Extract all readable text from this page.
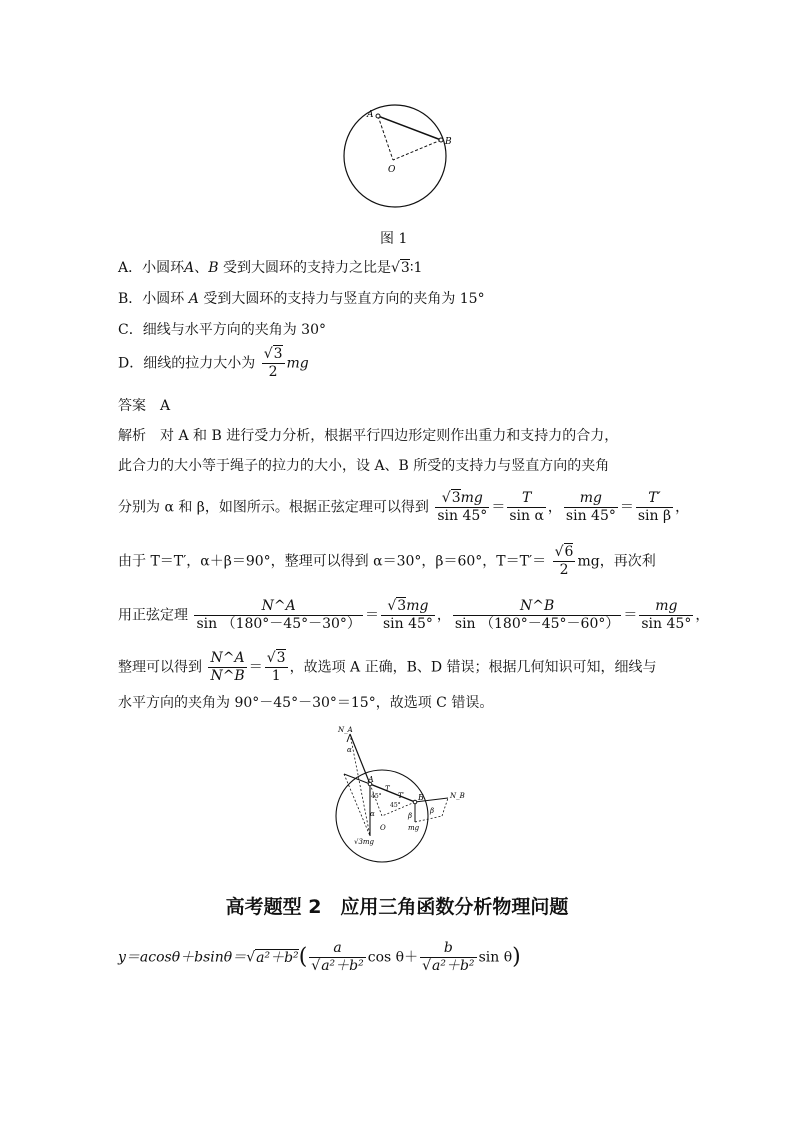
A
B
O
图 1
A．小圆环A、B 受到大圆环的支持力之比是√3∶1
B．小圆环 A 受到大圆环的支持力与竖直方向的夹角为 15°
C．细线与水平方向的夹角为 30°
D．细线的拉力大小为 $\frac{√3}{2}$ mg
答案　 A
解析　 对 A 和 B 进行受力分析，根据平行四边形定则作出重力和支持力的合力，
此合力的大小等于绳子的拉力的大小，设 A、B 所受的支持力与竖直方向的夹角
分别为 α 和 β，如图所示。根据正弦定理可以得到 $\frac{√3mg}{\sin 45^\circ} = \frac{T}{\text{sin α}}$ ， $\frac{mg}{\sin 45^\circ} = \frac{T'}{\text{sin β}}$ ，
由于 T＝T′，α＋β＝90°，整理可以得到 α＝30°，β＝60°，$T=T'= \frac{√6}{2}$ mg，再次利
用正弦定理 $\frac{N\^{}A}{\sin (180^\circ-45^\circ-30^\circ)} = \frac{√3mg}{\sin 45^\circ}$ ， $\frac{N\^{}B}{\sin (180^\circ-45^\circ-60^\circ)} = \frac{mg}{\sin 45^\circ}$ ，
整理可以得到 $\frac{N\^{}A}{N\^{}B} = \frac{√3}{1}$ ，故选项 A 正确，B、D 错误；根据几何知识可知，细线与
水平方向的夹角为 90°－45°－30°＝15°，故选项 C 错误。
N_A
A
T
T′ B	N_B
45°
45°
α
α	β
β
O	mg
√3mg
高考题型 2　应用三角函数分析物理问题
$y=acos\theta+bsin\theta=√a^2+b^2( \frac{a}{\text{√a²＋b²}}$ $\cos \theta+ \frac{b}{\text{√a²＋b²}}$ sin θ)
